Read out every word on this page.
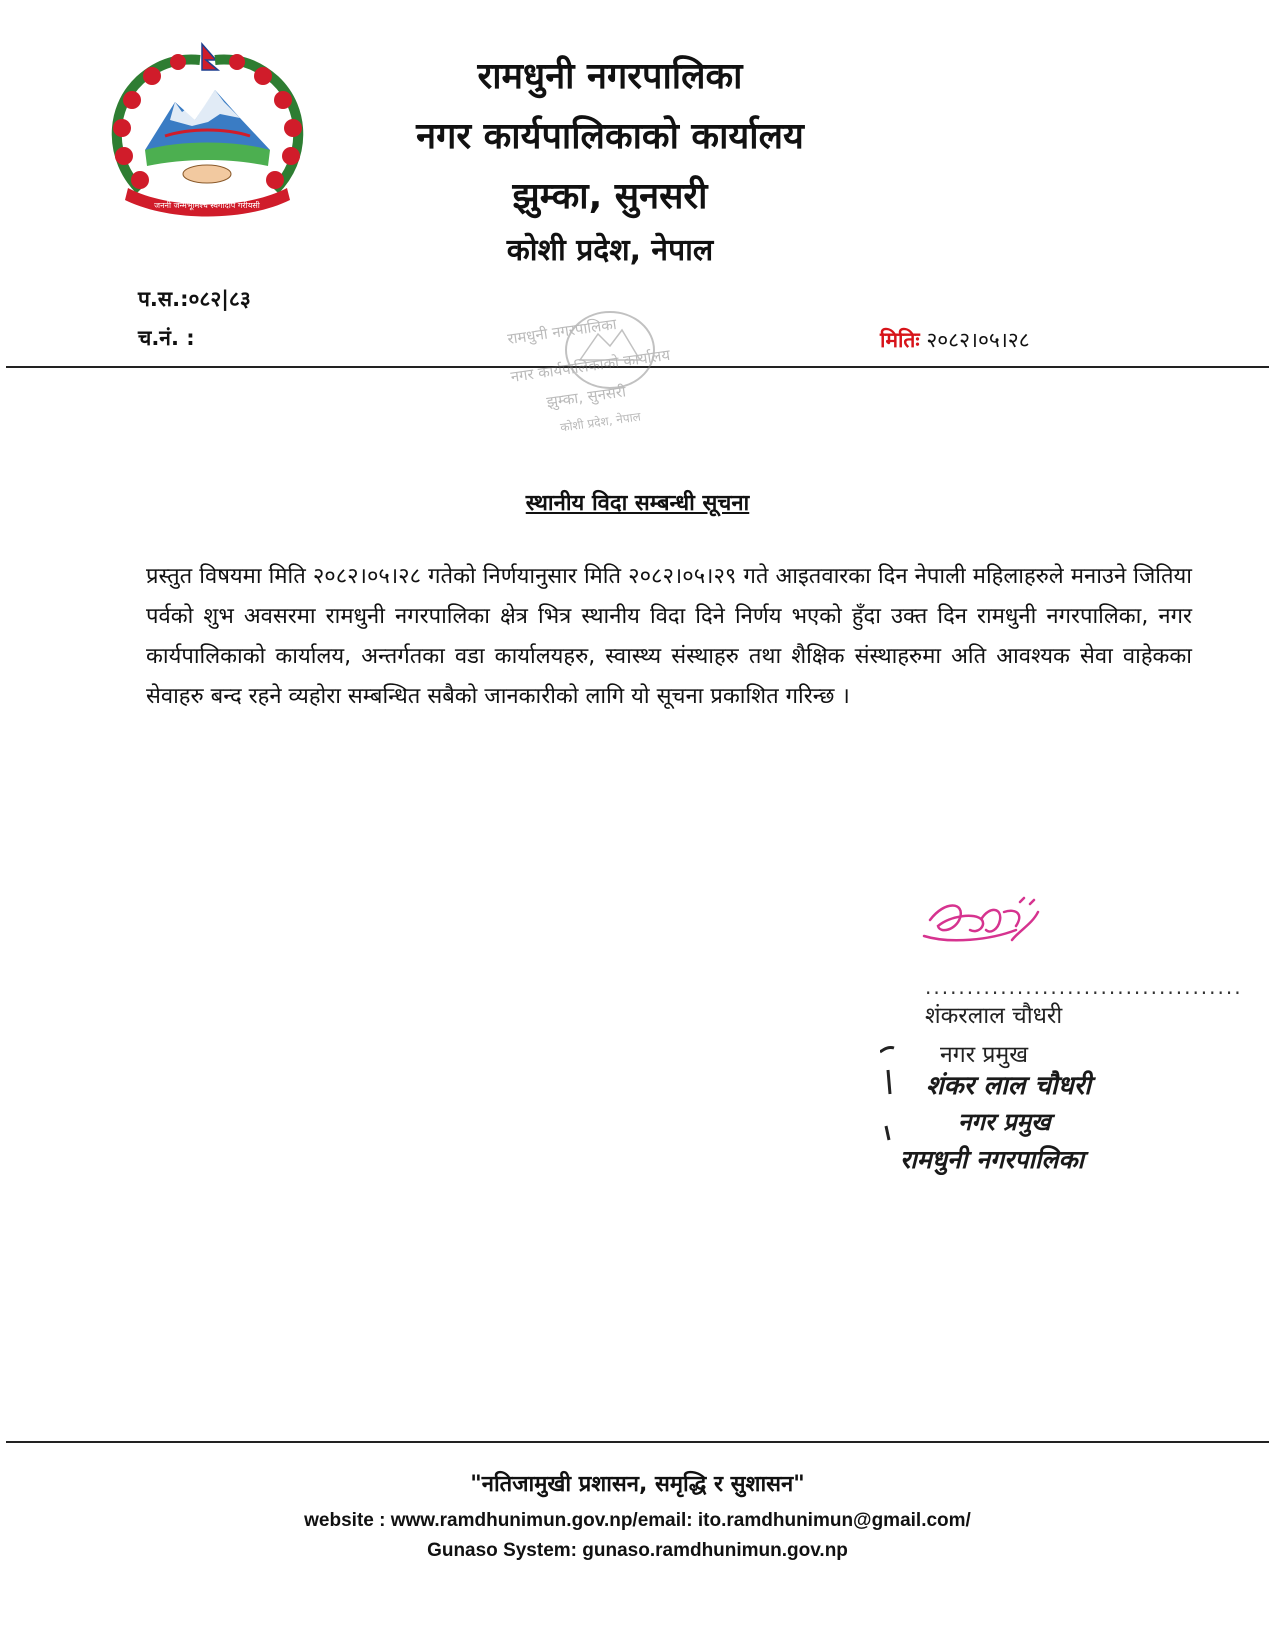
जननी जन्मभूमिश्च स्वर्गादपि गरीयसी
रामधुनी नगरपालिका
नगर कार्यपालिकाको कार्यालय
झुम्का, सुनसरी
कोशी प्रदेश, नेपाल
प.स.:०८२|८३
च.नं. :	मितिः २०८२।०५।२८
रामधुनी नगरपालिका
नगर कार्यपालिकाको कार्यालय
झुम्का, सुनसरी
कोशी प्रदेश, नेपाल
स्थानीय विदा सम्बन्धी सूचना
प्रस्तुत विषयमा मिति २०८२।०५।२८ गतेको निर्णयानुसार मिति २०८२।०५।२९ गते आइतवारका दिन नेपाली महिलाहरुले मनाउने जितिया पर्वको शुभ अवसरमा रामधुनी नगरपालिका क्षेत्र भित्र स्थानीय विदा दिने निर्णय भएको हुँदा उक्त दिन रामधुनी नगरपालिका, नगर कार्यपालिकाको कार्यालय, अन्तर्गतका वडा कार्यालयहरु, स्वास्थ्य संस्थाहरु तथा शैक्षिक संस्थाहरुमा अति आवश्यक सेवा वाहेकका सेवाहरु बन्द रहने व्यहोरा सम्बन्धित सबैको जानकारीको लागि यो सूचना प्रकाशित गरिन्छ ।
......................................
शंकरलाल चौधरी
नगर प्रमुख
शंकर लाल चौधरी
नगर प्रमुख
रामधुनी नगरपालिका
"नतिजामुखी प्रशासन, समृद्धि र सुशासन"
website : www.ramdhunimun.gov.np/email: ito.ramdhunimun@gmail.com/
Gunaso System: gunaso.ramdhunimun.gov.np
